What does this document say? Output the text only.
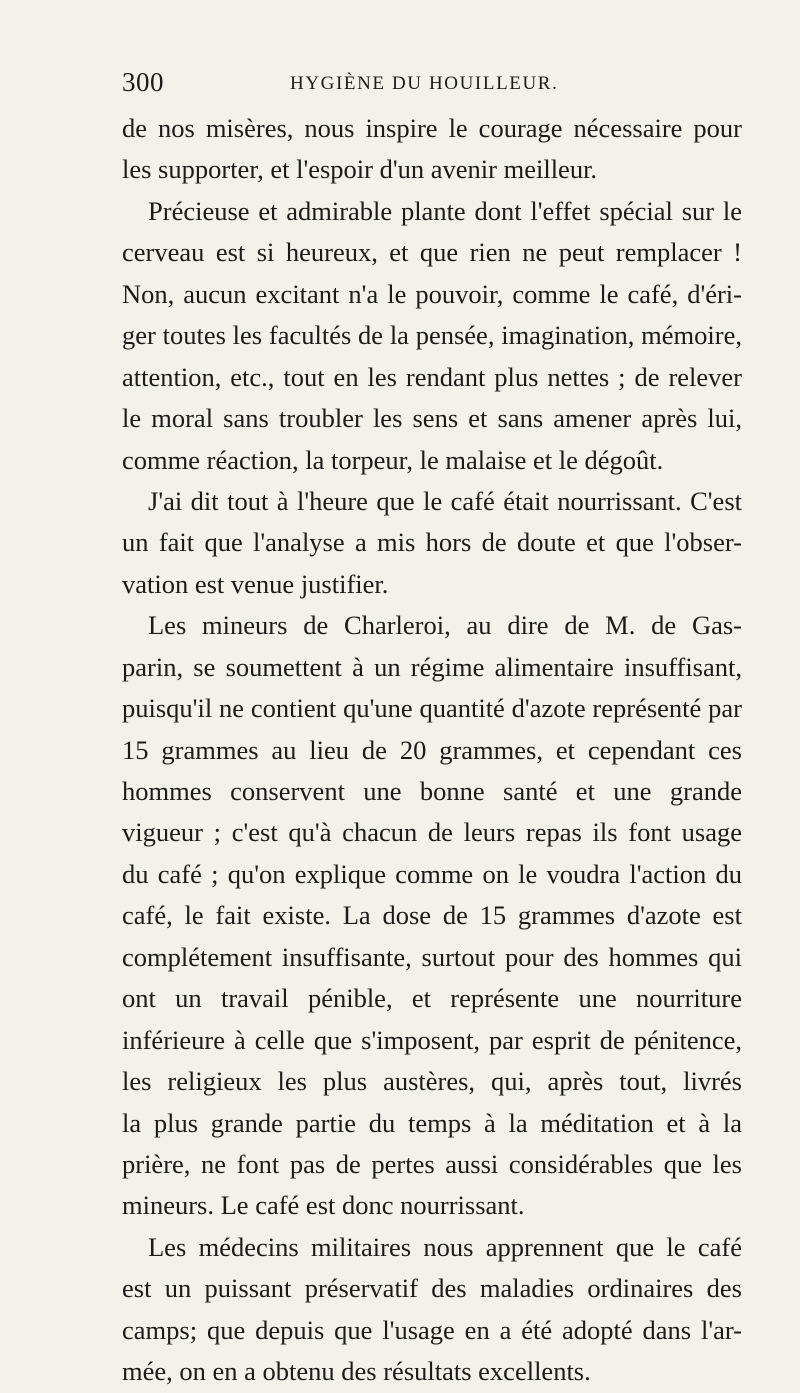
300	HYGIÈNE DU HOUILLEUR.
de nos misères, nous inspire le courage nécessaire pour
les supporter, et l'espoir d'un avenir meilleur.
Précieuse et admirable plante dont l'effet spécial sur le
cerveau est si heureux, et que rien ne peut remplacer !
Non, aucun excitant n'a le pouvoir, comme le café, d'éri-
ger toutes les facultés de la pensée, imagination, mémoire,
attention, etc., tout en les rendant plus nettes ; de relever
le moral sans troubler les sens et sans amener après lui,
comme réaction, la torpeur, le malaise et le dégoût.
J'ai dit tout à l'heure que le café était nourrissant. C'est
un fait que l'analyse a mis hors de doute et que l'obser-
vation est venue justifier.
Les mineurs de Charleroi, au dire de M. de Gas-
parin, se soumettent à un régime alimentaire insuffisant,
puisqu'il ne contient qu'une quantité d'azote représenté par
15 grammes au lieu de 20 grammes, et cependant ces
hommes conservent une bonne santé et une grande
vigueur ; c'est qu'à chacun de leurs repas ils font usage
du café ; qu'on explique comme on le voudra l'action du
café, le fait existe. La dose de 15 grammes d'azote est
complétement insuffisante, surtout pour des hommes qui
ont un travail pénible, et représente une nourriture
inférieure à celle que s'imposent, par esprit de pénitence,
les religieux les plus austères, qui, après tout, livrés
la plus grande partie du temps à la méditation et à la
prière, ne font pas de pertes aussi considérables que les
mineurs. Le café est donc nourrissant.
Les médecins militaires nous apprennent que le café
est un puissant préservatif des maladies ordinaires des
camps; que depuis que l'usage en a été adopté dans l'ar-
mée, on en a obtenu des résultats excellents.
